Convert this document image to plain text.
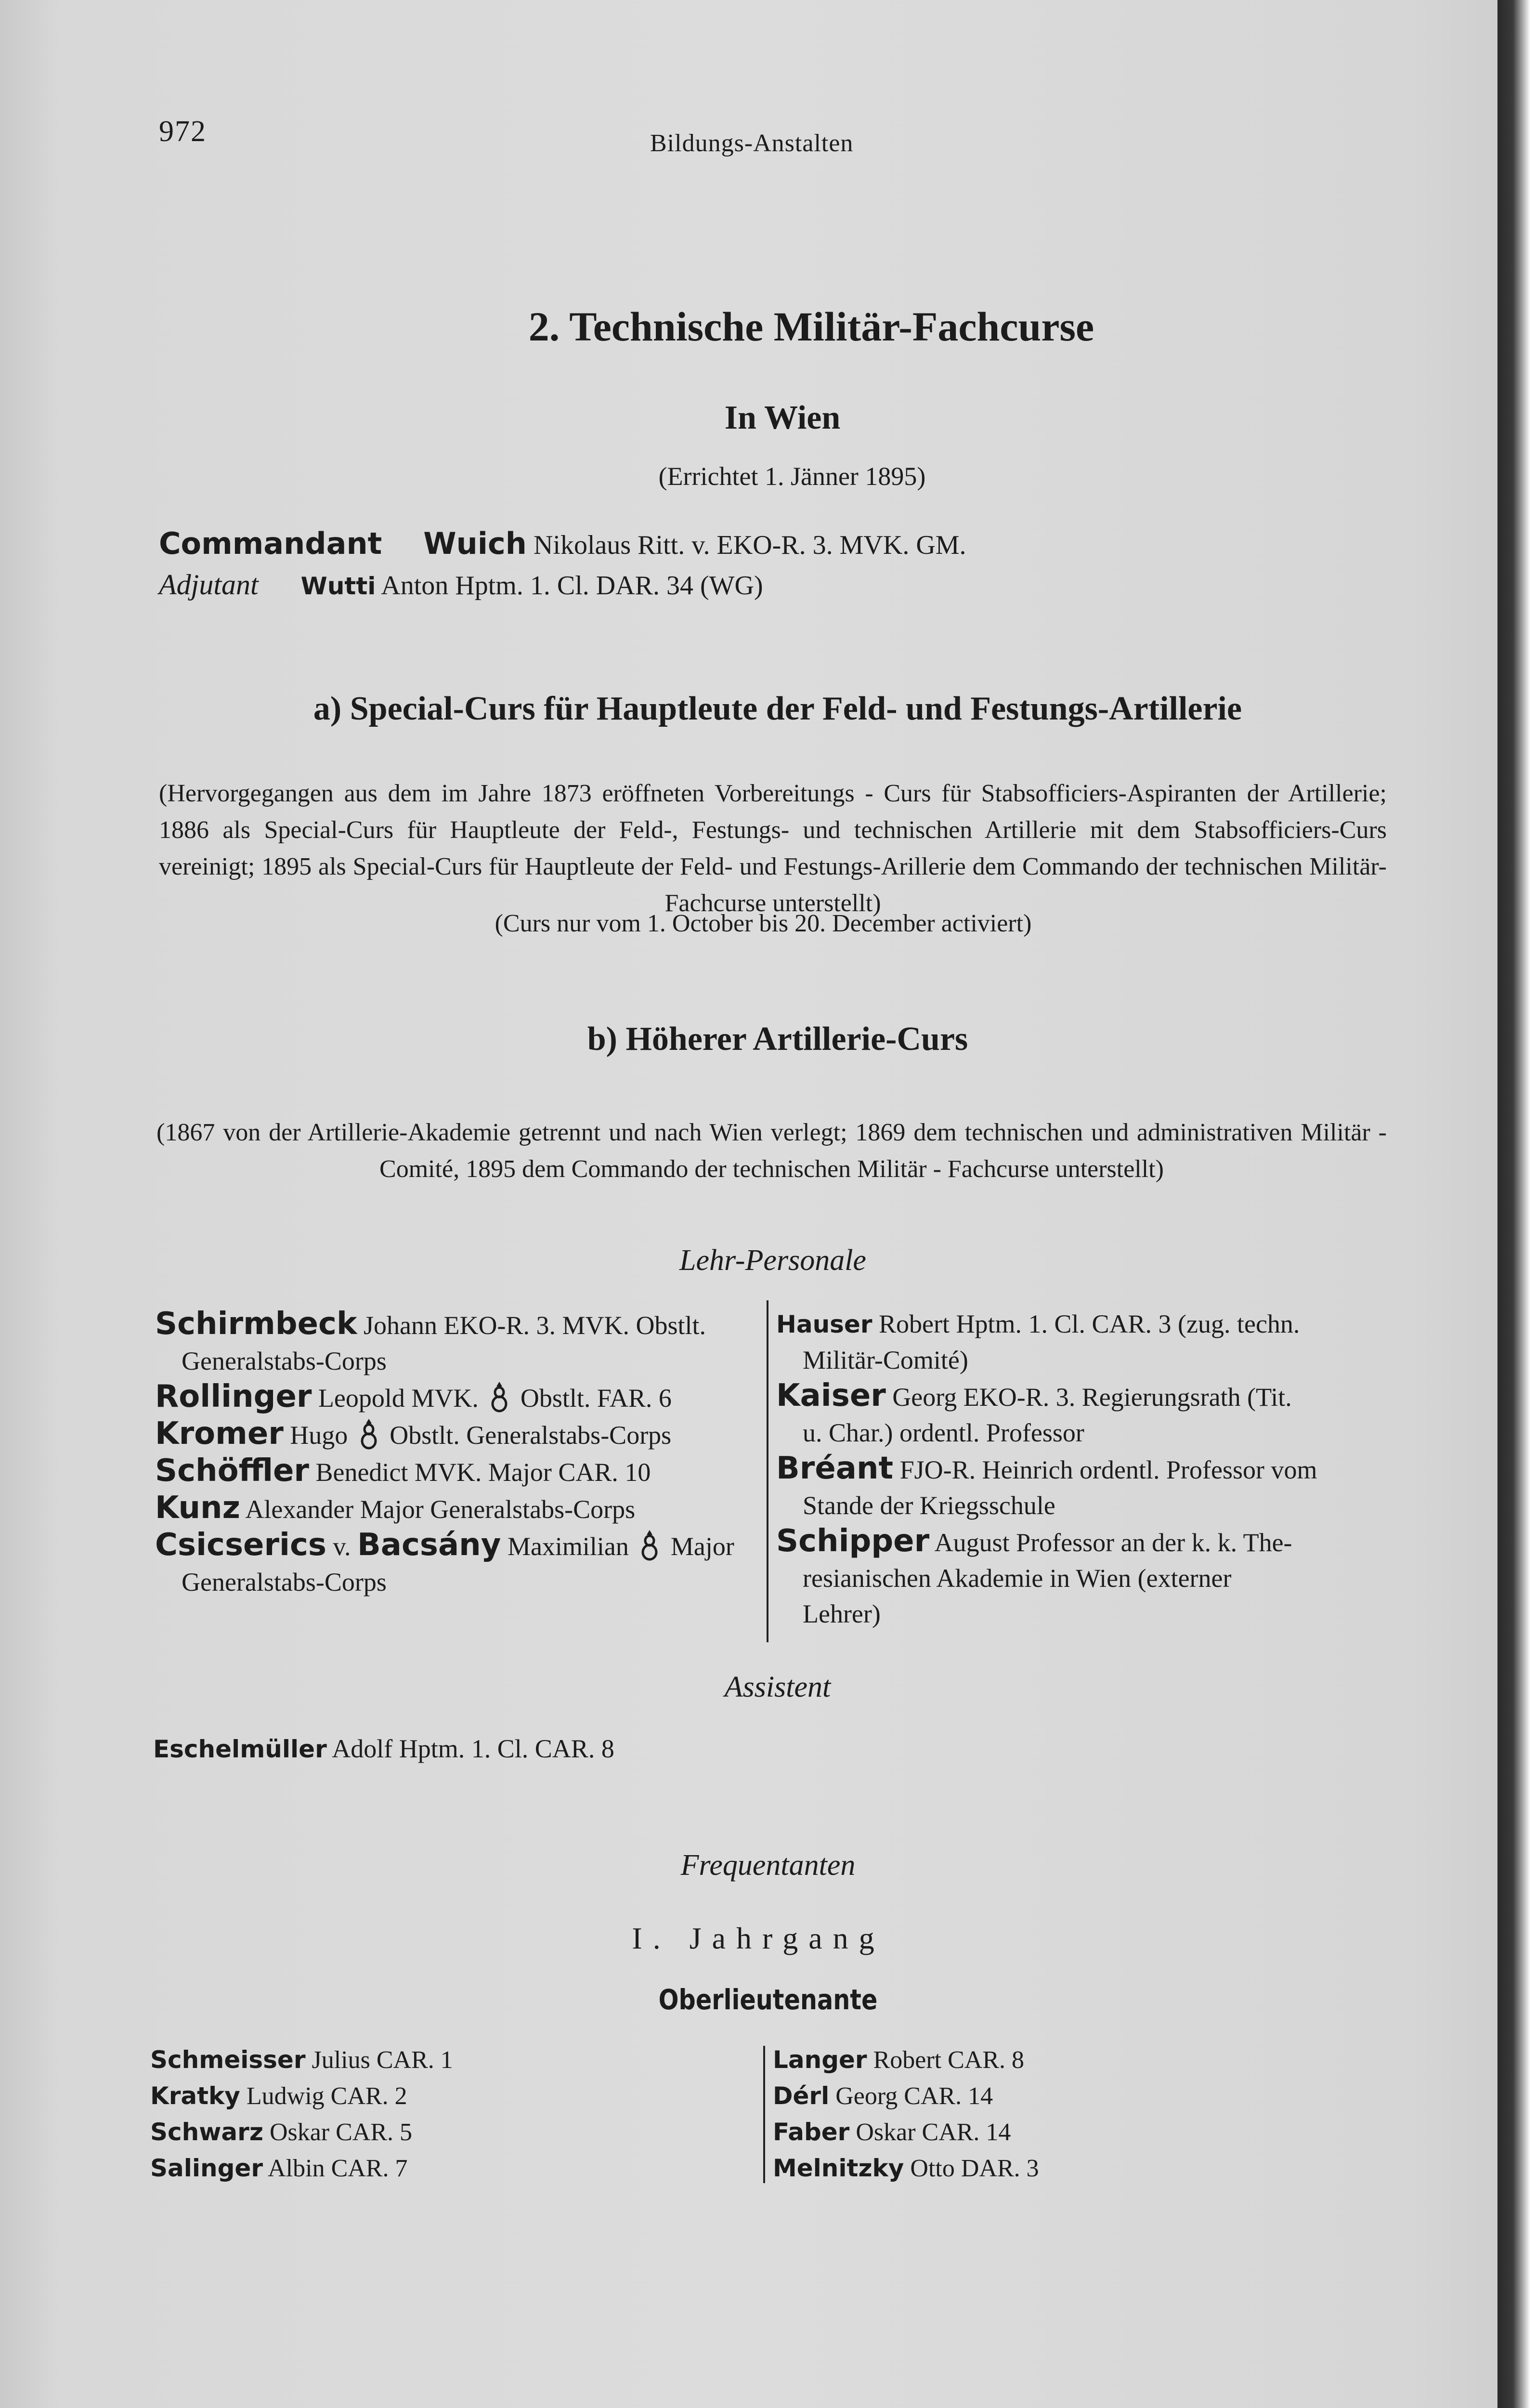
972	Bildungs-Anstalten

2. Technische Militär-Fachcurse

In Wien

(Errichtet 1. Jänner 1895)

Commandant Wuich Nikolaus Ritt. v. EKO-R. 3. MVK. GM.

Adjutant Wutti Anton Hptm. 1. Cl. DAR. 34 (WG)

a) Special-Curs für Hauptleute der Feld- und Festungs-Artillerie

(Hervorgegangen aus dem im Jahre 1873 eröffneten Vorbereitungs - Curs für Stabsofficiers-Aspiranten der Artillerie; 1886 als Special-Curs für Hauptleute der Feld-, Festungs- und technischen Artillerie mit dem Stabsofficiers-Curs vereinigt; 1895 als Special-Curs für Hauptleute der Feld- und Festungs-Arillerie dem Commando der technischen Militär-Fachcurse unterstellt)

(Curs nur vom 1. October bis 20. December activiert)

b) Höherer Artillerie-Curs

(1867 von der Artillerie-Akademie getrennt und nach Wien verlegt; 1869 dem technischen und administrativen Militär - Comité, 1895 dem Commando der technischen Militär - Fachcurse unterstellt)

Lehr-Personale

Schirmbeck Johann EKO-R. 3. MVK. Obstlt.

Generalstabs-Corps

Rollinger Leopold MVK. Obstlt. FAR. 6

Kromer Hugo Obstlt. Generalstabs-Corps

Schöffler Benedict MVK. Major CAR. 10

Kunz Alexander Major Generalstabs-Corps

Csicserics v. Bacsány Maximilian Major

Generalstabs-Corps

Hauser Robert Hptm. 1. Cl. CAR. 3 (zug. techn.

Militär-Comité)

Kaiser Georg EKO-R. 3. Regierungsrath (Tit.

u. Char.) ordentl. Professor

Bréant FJO-R. Heinrich ordentl. Professor vom

Stande der Kriegsschule

Schipper August Professor an der k. k. The-

resianischen Akademie in Wien (externer

Lehrer)

Assistent

Eschelmüller Adolf Hptm. 1. Cl. CAR. 8

Frequentanten

I. Jahrgang

Oberlieutenante

Schmeisser Julius CAR. 1

Kratky Ludwig CAR. 2

Schwarz Oskar CAR. 5

Salinger Albin CAR. 7

Langer Robert CAR. 8

Dérl Georg CAR. 14

Faber Oskar CAR. 14

Melnitzky Otto DAR. 3
